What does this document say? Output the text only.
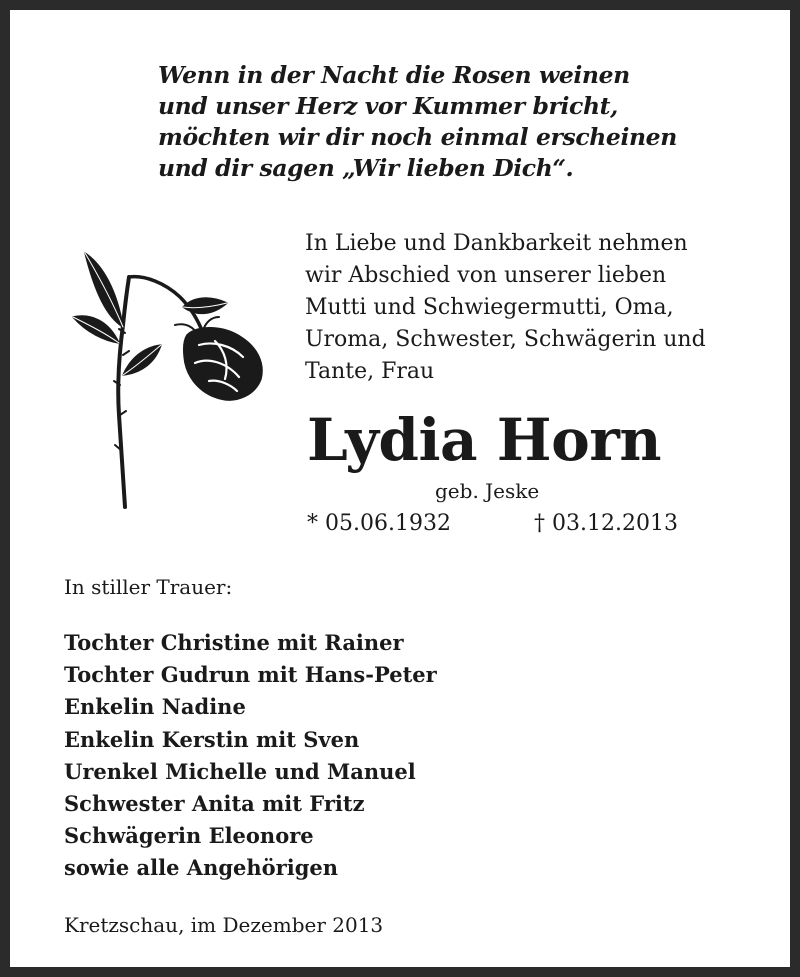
Wenn in der Nacht die Rosen weinen
und unser Herz vor Kummer bricht,
möchten wir dir noch einmal erscheinen
und dir sagen „Wir lieben Dich“.
In Liebe und Dankbarkeit nehmen
wir Abschied von unserer lieben
Mutti und Schwiegermutti, Oma,
Uroma, Schwester, Schwägerin und
Tante, Frau
Lydia Horn
geb. Jeske
* 05.06.1932	† 03.12.2013
In stiller Trauer:
Tochter Christine mit Rainer
Tochter Gudrun mit Hans-Peter
Enkelin Nadine
Enkelin Kerstin mit Sven
Urenkel Michelle und Manuel
Schwester Anita mit Fritz
Schwägerin Eleonore
sowie alle Angehörigen
Kretzschau, im Dezember 2013
